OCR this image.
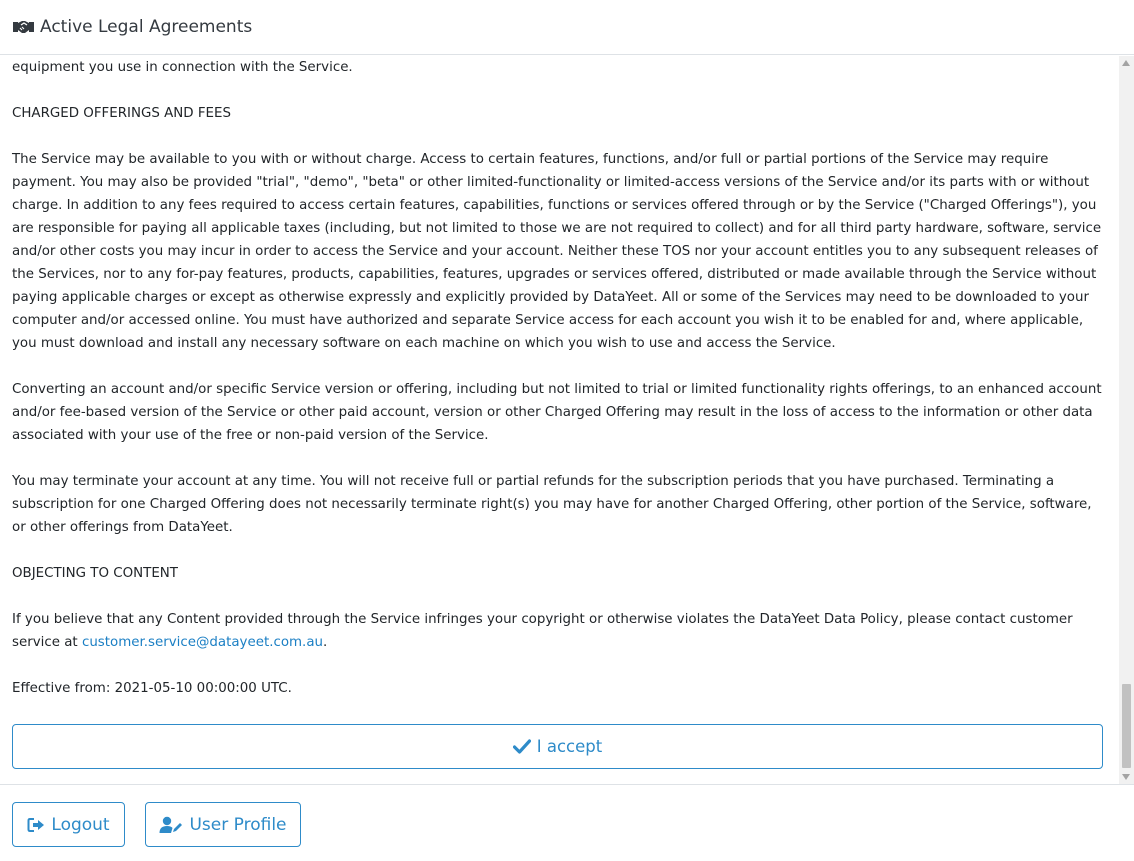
Active Legal Agreements

equipment you use in connection with the Service.

CHARGED OFFERINGS AND FEES

The Service may be available to you with or without charge. Access to certain features, functions, and/or full or partial portions of the Service may require payment. You may also be provided "trial", "demo", "beta" or other limited-functionality or limited-access versions of the Service and/or its parts with or without charge. In addition to any fees required to access certain features, capabilities, functions or services offered through or by the Service ("Charged Offerings"), you are responsible for paying all applicable taxes (including, but not limited to those we are not required to collect) and for all third party hardware, software, service and/or other costs you may incur in order to access the Service and your account. Neither these TOS nor your account entitles you to any subsequent releases of the Services, nor to any for-pay features, products, capabilities, features, upgrades or services offered, distributed or made available through the Service without paying applicable charges or except as otherwise expressly and explicitly provided by DataYeet. All or some of the Services may need to be downloaded to your computer and/or accessed online. You must have authorized and separate Service access for each account you wish it to be enabled for and, where applicable, you must download and install any necessary software on each machine on which you wish to use and access the Service.

Converting an account and/or specific Service version or offering, including but not limited to trial or limited functionality rights offerings, to an enhanced account and/or fee-based version of the Service or other paid account, version or other Charged Offering may result in the loss of access to the information or other data associated with your use of the free or non-paid version of the Service.

You may terminate your account at any time. You will not receive full or partial refunds for the subscription periods that you have purchased. Terminating a subscription for one Charged Offering does not necessarily terminate right(s) you may have for another Charged Offering, other portion of the Service, software, or other offerings from DataYeet.

OBJECTING TO CONTENT

If you believe that any Content provided through the Service infringes your copyright or otherwise violates the DataYeet Data Policy, please contact customer service at customer.service@datayeet.com.au.

Effective from: 2021-05-10 00:00:00 UTC.

I accept
Logout	User Profile
